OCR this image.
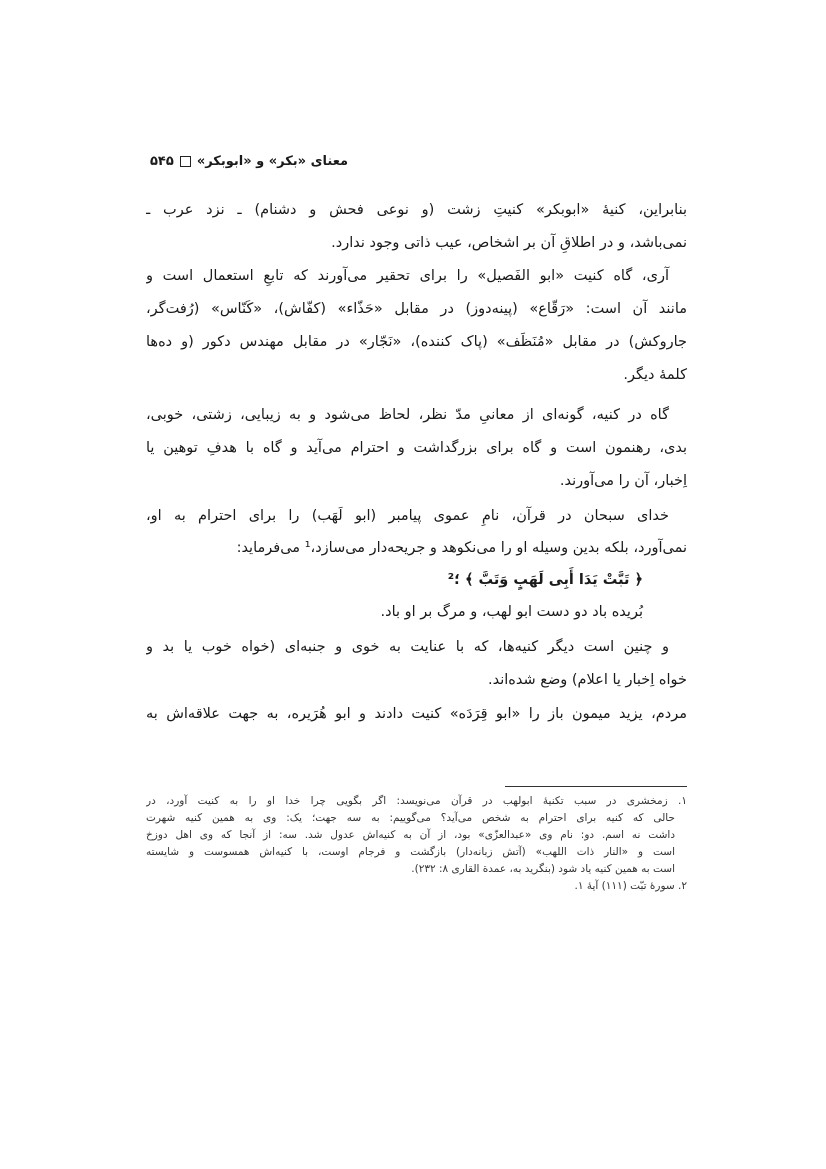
معنای «بکر» و «ابوبکر»
۵۴۵
بنابراین، کنیهٔ «ابوبکر» کنیتِ زشت (و نوعی فحش و دشنام) ـ نزد عرب ـ
نمی‌باشد، و در اطلاقِ آن بر اشخاص، عیب ذاتی وجود ندارد.
آری، گاه کنیت «ابو الفَصیل» را برای تحقیر می‌آورند که تابعِ استعمال است و
مانند آن است: «رَقّاع» (پینه‌دوز) در مقابل «حَذّاء» (کفّاش)، «کَنّاس» (رُفت‌گر،
جاروکش) در مقابل «مُنَظِّف» (پاک کننده)، «نَجّار» در مقابل مهندس دکور (و ده‌ها
کلمهٔ دیگر.
گاه در کنیه، گونه‌ای از معانیِ مدّ نظر، لحاظ می‌شود و به زیبایی، زشتی، خوبی،
بدی، رهنمون است و گاه برای بزرگداشت و احترام می‌آید و گاه با هدفِ توهین یا
اِخبار، آن را می‌آورند.
خدای سبحان در قرآن، نامِ عموی پیامبر (ابو لَهَب) را برای احترام به او،
نمی‌آورد، بلکه بدین وسیله او را می‌نکوهد و جریحه‌دار می‌سازد،¹ می‌فرماید:
﴿ تَبَّتْ یَدَا أَبِی لَهَبٍ وَتَبَّ ﴾ ؛²
بُریده باد دو دست ابو لهب، و مرگ بر او باد.
و چنین است دیگر کنیه‌ها، که با عنایت به خوی و جنبه‌ای (خواه خوب یا بد و
خواه اِخبار یا اعلام) وضع شده‌اند.
مردم، یزید میمون باز را «ابو قِرَدَه» کنیت دادند و ابو هُرَیره، به جهت علاقه‌اش به
۱. زمخشری در سبب تکنیهٔ ابولهب در قرآن می‌نویسد: اگر بگویی چرا خدا او را به کنیت آورد، در
حالی که کنیه برای احترام به شخص می‌آید؟ می‌گوییم: به سه جهت؛ یک: وی به همین کنیه شهرت
داشت نه اسم. دو: نام وی «عبدالعزّی» بود، از آن به کنیه‌اش عدول شد. سه: از آنجا که وی اهل دوزخ
است و «النار ذات اللهب» (آتش زبانه‌دار) بازگشت و فرجام اوست، با کنیه‌اش همسوست و شایسته
است به همین کنیه یاد شود (بنگرید به، عمدة القاری ۸: ۲۳۲).
۲. سورهٔ تبّت (۱۱۱) آیهٔ ۱.
